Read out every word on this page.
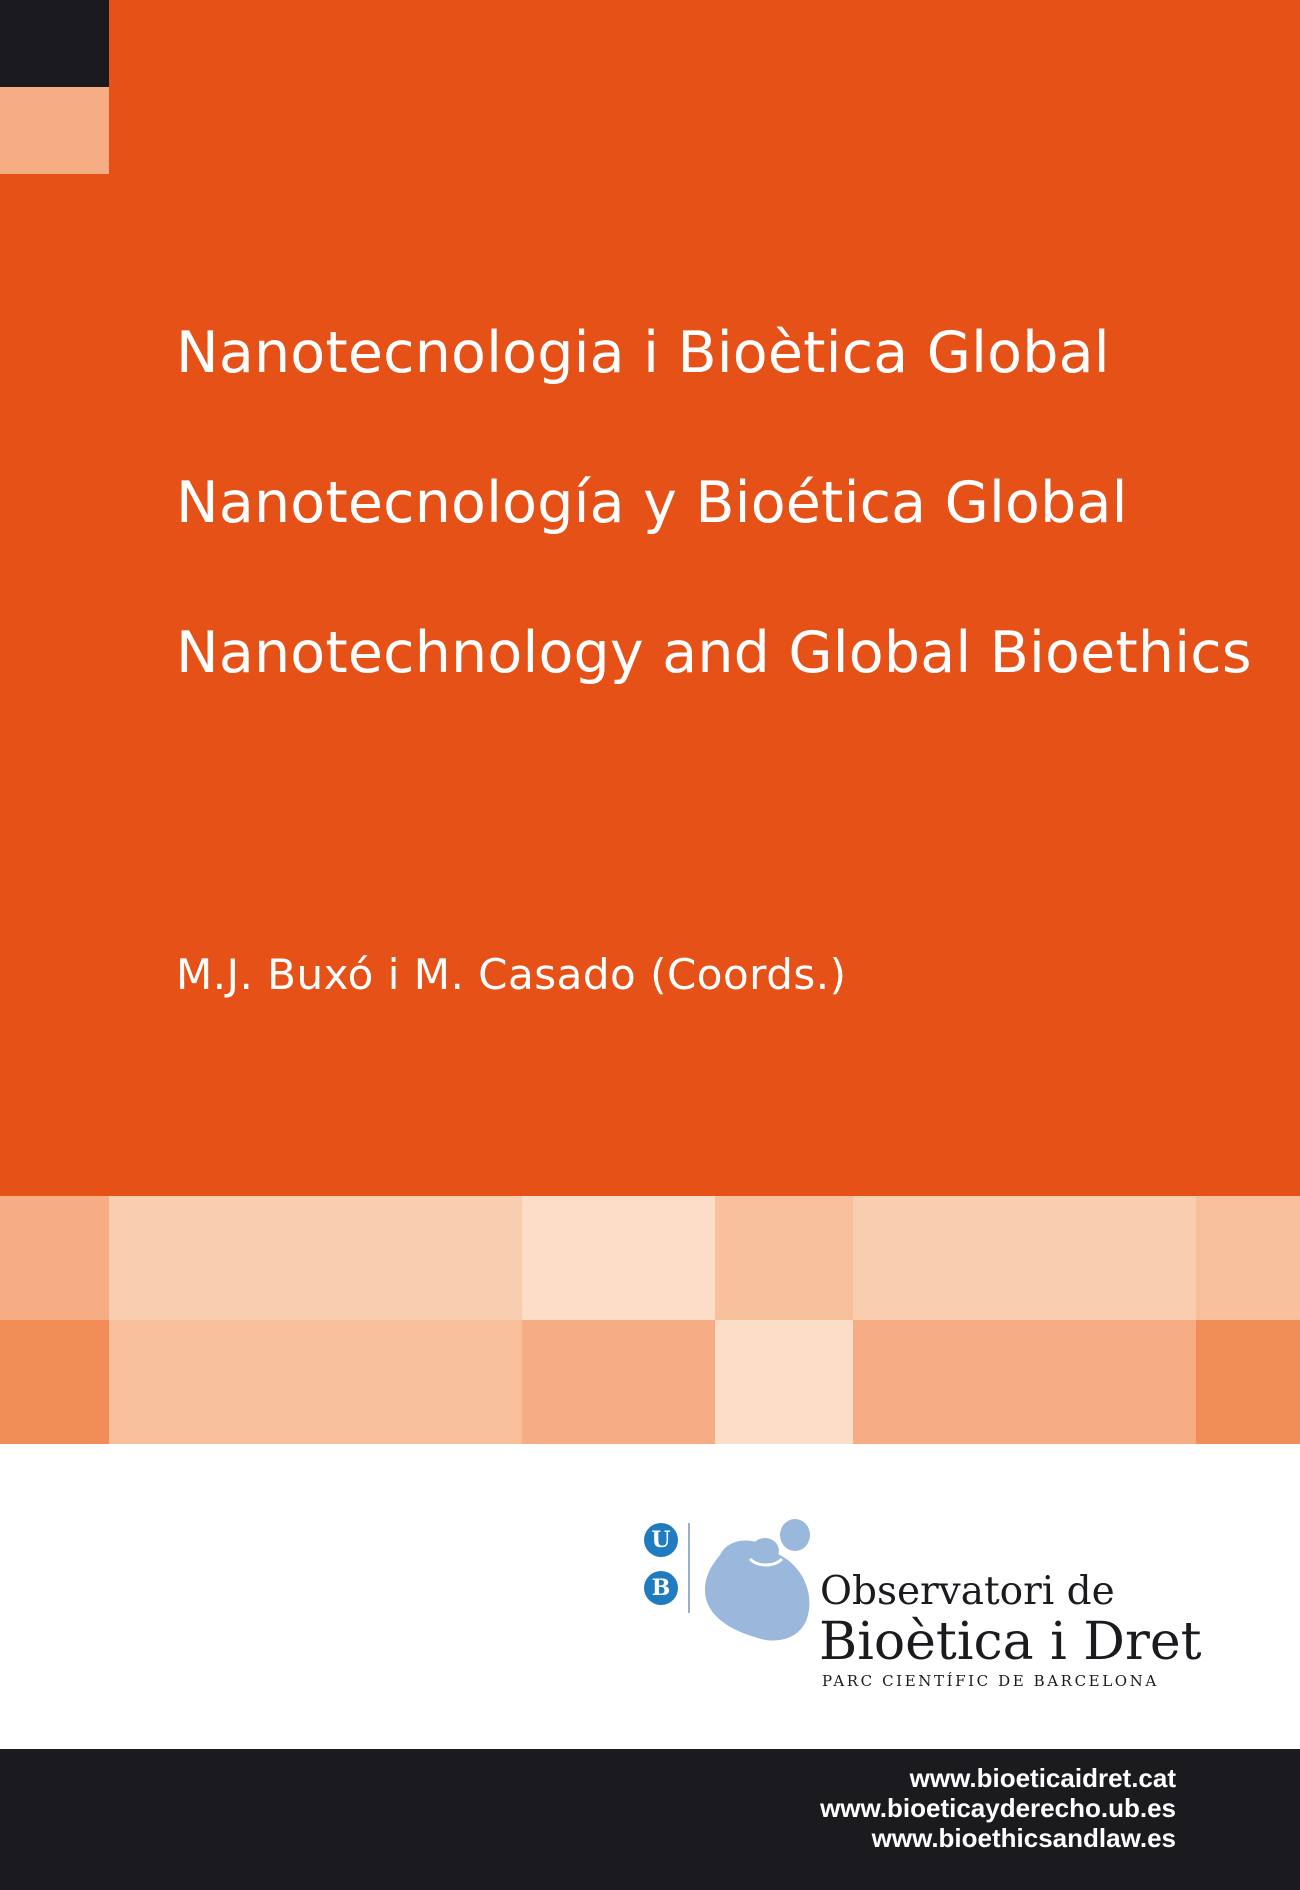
Nanotecnologia i Bioètica Global
Nanotecnología y Bioética Global
Nanotechnology and Global Bioethics
M.J. Buxó i M. Casado (Coords.)
U
B	Observatori de
Bioètica i Dret
PARC CIENTÍFIC DE BARCELONA
www.bioeticaidret.cat
www.bioeticayderecho.ub.es
www.bioethicsandlaw.es
